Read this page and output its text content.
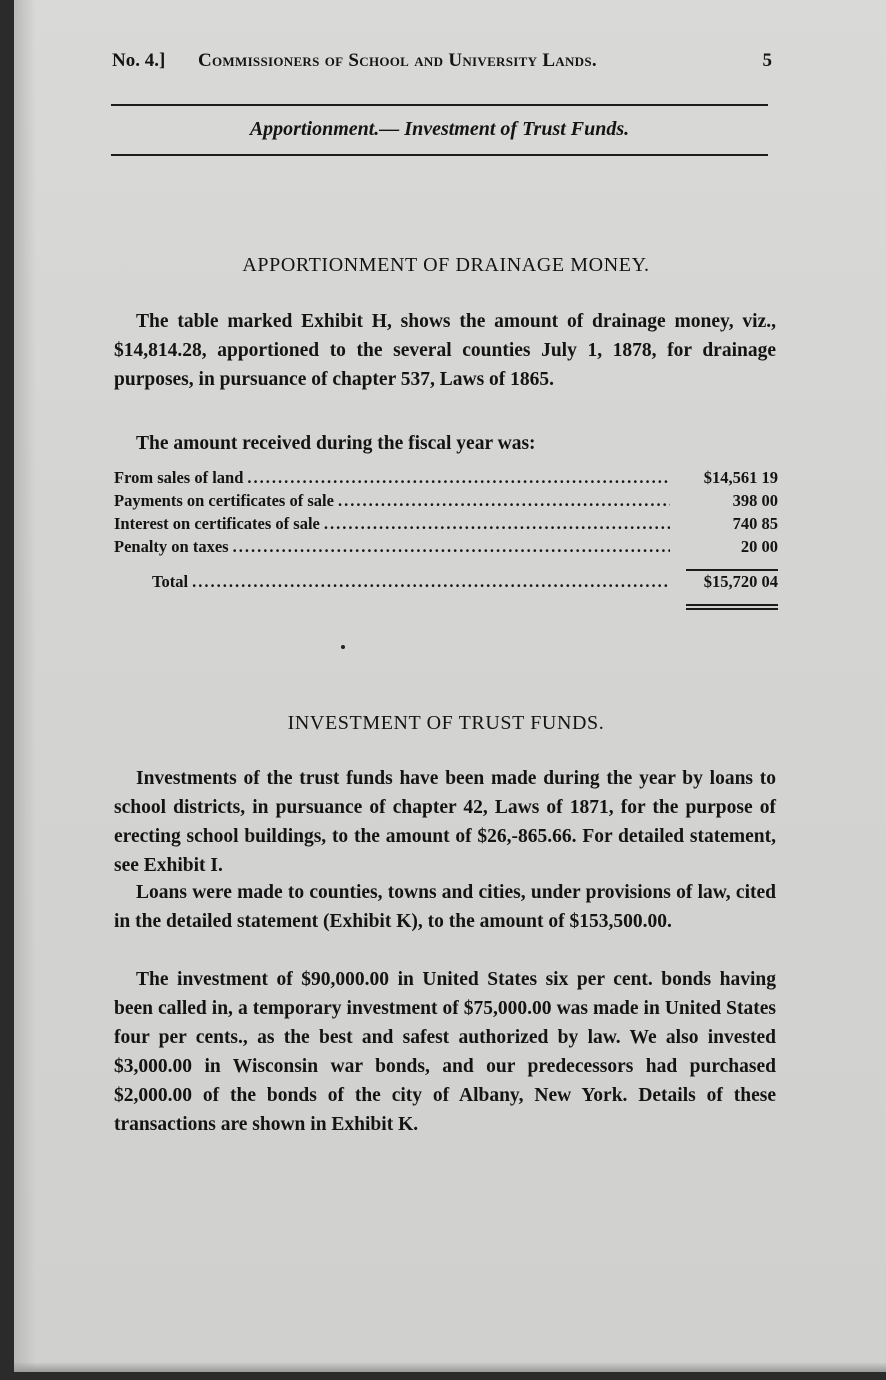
No. 4.] Commissioners of School and University Lands.	5
Apportionment.— Investment of Trust Funds.
APPORTIONMENT OF DRAINAGE MONEY.

The table marked Exhibit H, shows the amount of drainage money, viz., $14,814.28, apportioned to the several counties July 1, 1878, for drainage purposes, in pursuance of chapter 537, Laws of 1865.

The amount received during the fiscal year was:

From sales of land .....	$14,561 19
Payments on certificates of sale .....	398 00
Interest on certificates of sale .....	740 85
Penalty on taxes .....	20 00
Total .....	$15,720 04
INVESTMENT OF TRUST FUNDS.

Investments of the trust funds have been made during the year by loans to school districts, in pursuance of chapter 42, Laws of 1871, for the purpose of erecting school buildings, to the amount of $26,-865.66. For detailed statement, see Exhibit I.

Loans were made to counties, towns and cities, under provisions of law, cited in the detailed statement (Exhibit K), to the amount of $153,500.00.

The investment of $90,000.00 in United States six per cent. bonds having been called in, a temporary investment of $75,000.00 was made in United States four per cents., as the best and safest authorized by law. We also invested $3,000.00 in Wisconsin war bonds, and our predecessors had purchased $2,000.00 of the bonds of the city of Albany, New York. Details of these transactions are shown in Exhibit K.
